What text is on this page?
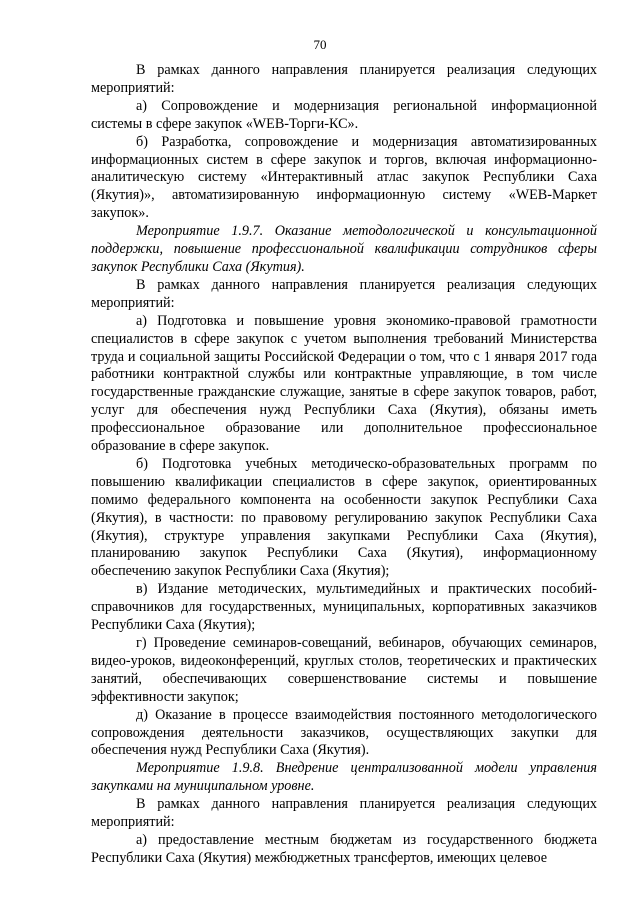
70

В рамках данного направления планируется реализация следующих мероприятий:

а) Сопровождение и модернизация региональной информационной системы в сфере закупок «WEB-Торги-КС».

б) Разработка, сопровождение и модернизация автоматизированных информационных систем в сфере закупок и торгов, включая информационно-аналитическую систему «Интерактивный атлас закупок Республики Саха (Якутия)», автоматизированную информационную систему «WEB-Маркет закупок».

Мероприятие 1.9.7. Оказание методологической и консультационной поддержки, повышение профессиональной квалификации сотрудников сферы закупок Республики Саха (Якутия).

В рамках данного направления планируется реализация следующих мероприятий:

а) Подготовка и повышение уровня экономико-правовой грамотности специалистов в сфере закупок с учетом выполнения требований Министерства труда и социальной защиты Российской Федерации о том, что с 1 января 2017 года работники контрактной службы или контрактные управляющие, в том числе государственные гражданские служащие, занятые в сфере закупок товаров, работ, услуг для обеспечения нужд Республики Саха (Якутия), обязаны иметь профессиональное образование или дополнительное профессиональное образование в сфере закупок.

б) Подготовка учебных методическо-образовательных программ по повышению квалификации специалистов в сфере закупок, ориентированных помимо федерального компонента на особенности закупок Республики Саха (Якутия), в частности: по правовому регулированию закупок Республики Саха (Якутия), структуре управления закупками Республики Саха (Якутия), планированию закупок Республики Саха (Якутия), информационному обеспечению закупок Республики Саха (Якутия);

в) Издание методических, мультимедийных и практических пособий-справочников для государственных, муниципальных, корпоративных заказчиков Республики Саха (Якутия);

г) Проведение семинаров-совещаний, вебинаров, обучающих семинаров, видео-уроков, видеоконференций, круглых столов, теоретических и практических занятий, обеспечивающих совершенствование системы и повышение эффективности закупок;

д) Оказание в процессе взаимодействия постоянного методологического сопровождения деятельности заказчиков, осуществляющих закупки для обеспечения нужд Республики Саха (Якутия).

Мероприятие 1.9.8. Внедрение централизованной модели управления закупками на муниципальном уровне.

В рамках данного направления планируется реализация следующих мероприятий:

а) предоставление местным бюджетам из государственного бюджета Республики Саха (Якутия) межбюджетных трансфертов, имеющих целевое
